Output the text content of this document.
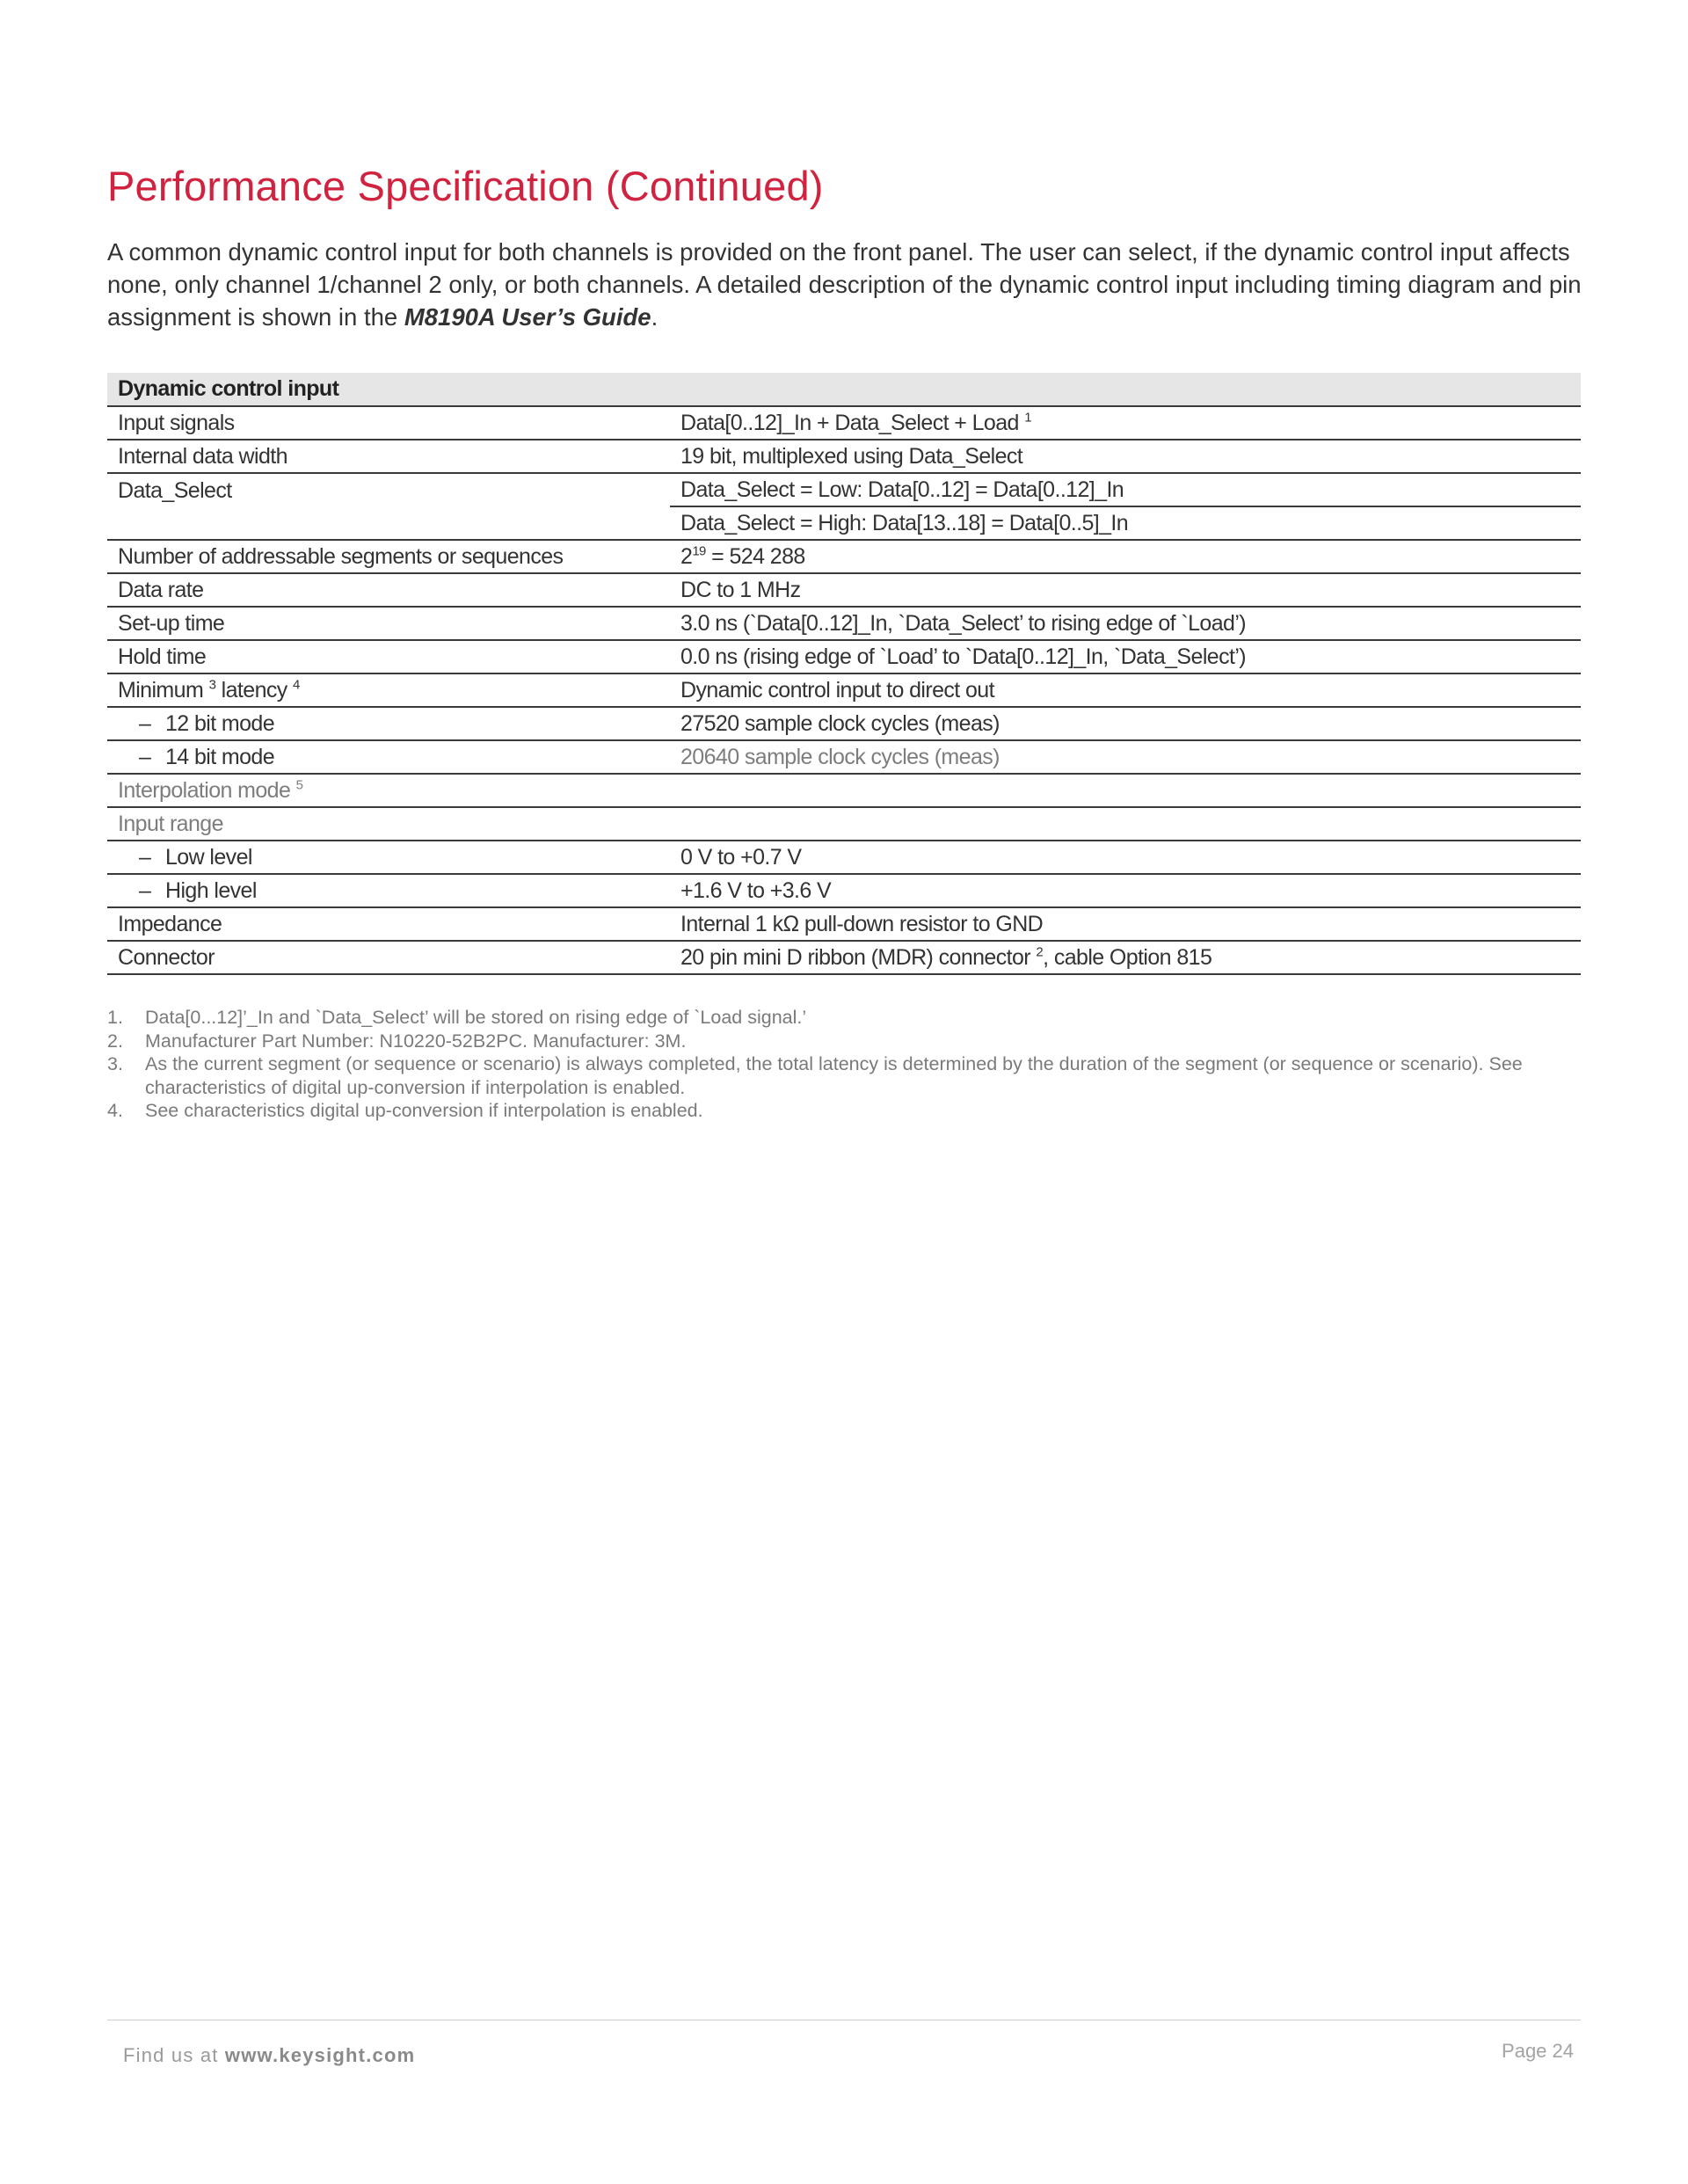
Performance Specification (Continued)

A common dynamic control input for both channels is provided on the front panel. The user can select, if the dynamic control input affects none, only channel 1/channel 2 only, or both channels. A detailed description of the dynamic control input including timing diagram and pin assignment is shown in the M8190A User’s Guide.

Dynamic control input	
Input signals	Data[0..12]_In + Data_Select + Load $^1$
Internal data width	19 bit, multiplexed using Data_Select
Data_Select	Data_Select = Low: Data[0..12] = Data[0..12]_In
	Data_Select = High: Data[13..18] = Data[0..5]_In
Number of addressable segments or sequences	$2^{19} = 524$ 288
Data rate	DC to 1 MHz
Set-up time	3.0 ns (`Data[0..12]_In, `Data_Select’ to rising edge of `Load’)
Hold time	0.0 ns (rising edge of `Load’ to `Data[0..12]_In, `Data_Select’)
Minimum $^3$ latency $^4$	Dynamic control input to direct out
– 12 bit mode	27520 sample clock cycles (meas)
– 14 bit mode	20640 sample clock cycles (meas)
Interpolation mode $^5$	
Input range	
– Low level	0 V to +0.7 V
– High level	+1.6 V to +3.6 V
Impedance	Internal 1 kΩ pull-down resistor to GND
Connector	20 pin mini D ribbon (MDR) connector $^2$, cable Option 815
1. Data[0...12]’_In and `Data_Select’ will be stored on rising edge of `Load signal.’
2. Manufacturer Part Number: N10220-52B2PC. Manufacturer: 3M.
3. As the current segment (or sequence or scenario) is always completed, the total latency is determined by the duration of the segment (or sequence or scenario). See characteristics of digital up-conversion if interpolation is enabled.
4. See characteristics digital up-conversion if interpolation is enabled.
Find us at www.keysight.com	Page 24
